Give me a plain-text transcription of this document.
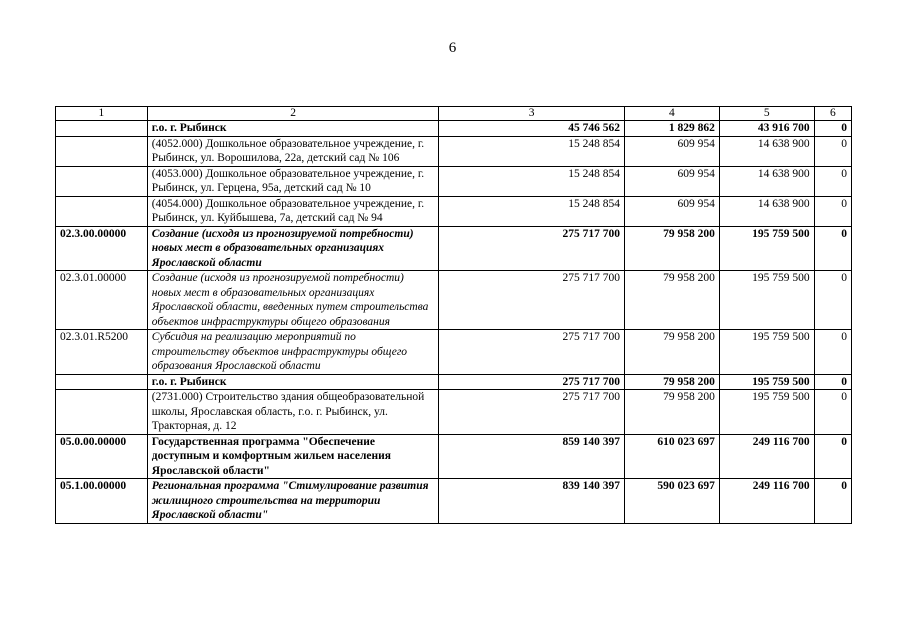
6
1	2	3	4	5	6
	г.о. г. Рыбинск	45 746 562	1 829 862	43 916 700	0
	(4052.000) Дошкольное образовательное учреждение, г. Рыбинск, ул. Ворошилова, 22а, детский сад № 106	15 248 854	609 954	14 638 900	0
	(4053.000) Дошкольное образовательное учреждение, г. Рыбинск, ул. Герцена, 95а, детский сад № 10	15 248 854	609 954	14 638 900	0
	(4054.000) Дошкольное образовательное учреждение, г. Рыбинск, ул. Куйбышева, 7а, детский сад № 94	15 248 854	609 954	14 638 900	0
02.3.00.00000	Создание (исходя из прогнозируемой потребности) новых мест в образовательных организациях Ярославской области	275 717 700	79 958 200	195 759 500	0
02.3.01.00000	Создание (исходя из прогнозируемой потребности) новых мест в образовательных организациях Ярославской области, введенных путем строительства объектов инфраструктуры общего образования	275 717 700	79 958 200	195 759 500	0
02.3.01.R5200	Субсидия на реализацию мероприятий по строительству объектов инфраструктуры общего образования Ярославской области	275 717 700	79 958 200	195 759 500	0
	г.о. г. Рыбинск	275 717 700	79 958 200	195 759 500	0
	(2731.000) Строительство здания общеобразовательной школы, Ярославская область, г.о. г. Рыбинск, ул. Тракторная, д. 12	275 717 700	79 958 200	195 759 500	0
05.0.00.00000	Государственная программа "Обеспечение доступным и комфортным жильем населения Ярославской области"	859 140 397	610 023 697	249 116 700	0
05.1.00.00000	Региональная программа "Стимулирование развития жилищного строительства на территории Ярославской области"	839 140 397	590 023 697	249 116 700	0
